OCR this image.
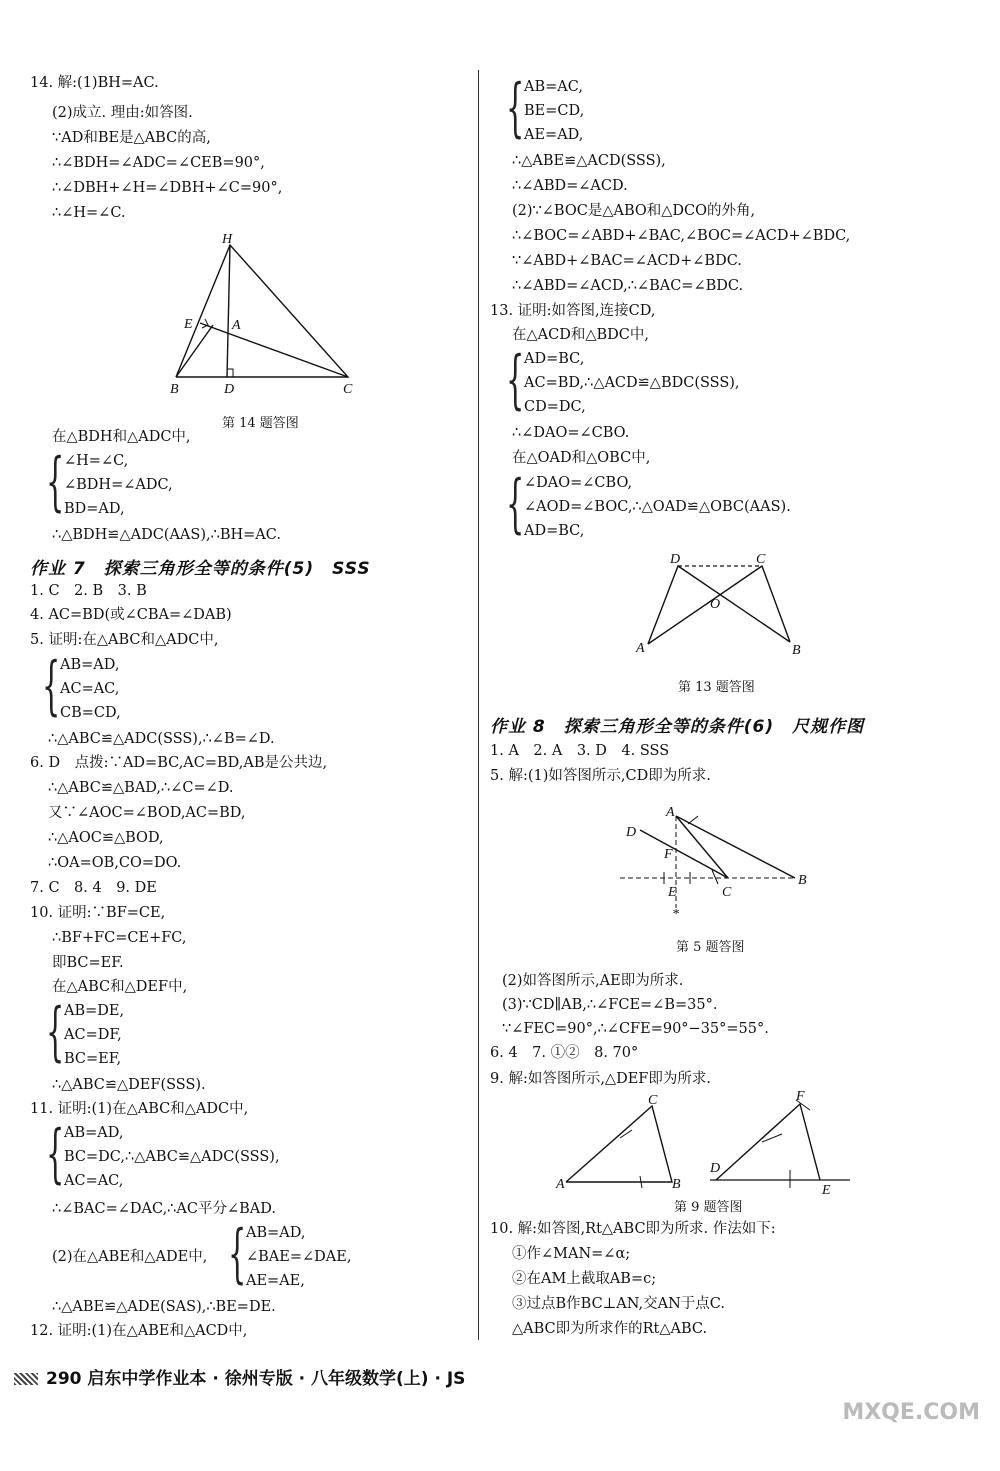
14. 解:(1)BH=AC.
(2)成立. 理由:如答图.
∵AD和BE是△ABC的高,
∴∠BDH=∠ADC=∠CEB=90°,
∴∠DBH+∠H=∠DBH+∠C=90°,
∴∠H=∠C.
H
E	A
B	D	C
第 14 题答图
在△BDH和△ADC中,
{ ∠H=∠C,
∠BDH=∠ADC,
BD=AD,
∴△BDH≌△ADC(AAS),∴BH=AC.
作业 7　探索三角形全等的条件(5)　SSS
1. C　2. B　3. B
4. AC=BD(或∠CBA=∠DAB)
5. 证明:在△ABC和△ADC中,
{ AB=AD,
AC=AC,
CB=CD,
∴△ABC≌△ADC(SSS),∴∠B=∠D.
6. D　点拨:∵AD=BC,AC=BD,AB是公共边,
∴△ABC≌△BAD,∴∠C=∠D.
又∵∠AOC=∠BOD,AC=BD,
∴△AOC≌△BOD,
∴OA=OB,CO=DO.
7. C　8. 4　9. DE
10. 证明:∵BF=CE,
∴BF+FC=CE+FC,
即BC=EF.
在△ABC和△DEF中,
{ AB=DE,
AC=DF,
BC=EF,
∴△ABC≌△DEF(SSS).
11. 证明:(1)在△ABC和△ADC中,
{ AB=AD,
BC=DC,∴△ABC≌△ADC(SSS),
AC=AC,
∴∠BAC=∠DAC,∴AC平分∠BAD.
(2)在△ABE和△ADE中, { AB=AD,
∠BAE=∠DAE,
AE=AE,
∴△ABE≌△ADE(SAS),∴BE=DE.
12. 证明:(1)在△ABE和△ACD中,
{ AB=AC,
BE=CD,
AE=AD,
∴△ABE≌△ACD(SSS),
∴∠ABD=∠ACD.
(2)∵∠BOC是△ABO和△DCO的外角,
∴∠BOC=∠ABD+∠BAC,∠BOC=∠ACD+∠BDC,
∵∠ABD+∠BAC=∠ACD+∠BDC.
∴∠ABD=∠ACD,∴∠BAC=∠BDC.
13. 证明:如答图,连接CD,
在△ACD和△BDC中,
{ AD=BC,
AC=BD,∴△ACD≌△BDC(SSS),
CD=DC,
∴∠DAO=∠CBO.
在△OAD和△OBC中,
{ ∠DAO=∠CBO,
∠AOD=∠BOC,∴△OAD≌△OBC(AAS).
AD=BC,
D	C
O
A	B
第 13 题答图
作业 8　探索三角形全等的条件(6)　尺规作图
1. A　2. A　3. D　4. SSS
5. 解:(1)如答图所示,CD即为所求.
A
D
F
E	C
B
*
第 5 题答图
(2)如答图所示,AE即为所求.
(3)∵CD∥AB,∴∠FCE=∠B=35°.
∵∠FEC=90°,∴∠CFE=90°−35°=55°.
6. 4　7. ①②　8. 70°
9. 解:如答图所示,△DEF即为所求.
C
A	B
F
D
E
第 9 题答图
10. 解:如答图,Rt△ABC即为所求. 作法如下:
①作∠MAN=∠α;
②在AM上截取AB=c;
③过点B作BC⊥AN,交AN于点C.
△ABC即为所求作的Rt△ABC.
290 启东中学作业本 · 徐州专版 · 八年级数学(上) · JS
MXQE.COM
